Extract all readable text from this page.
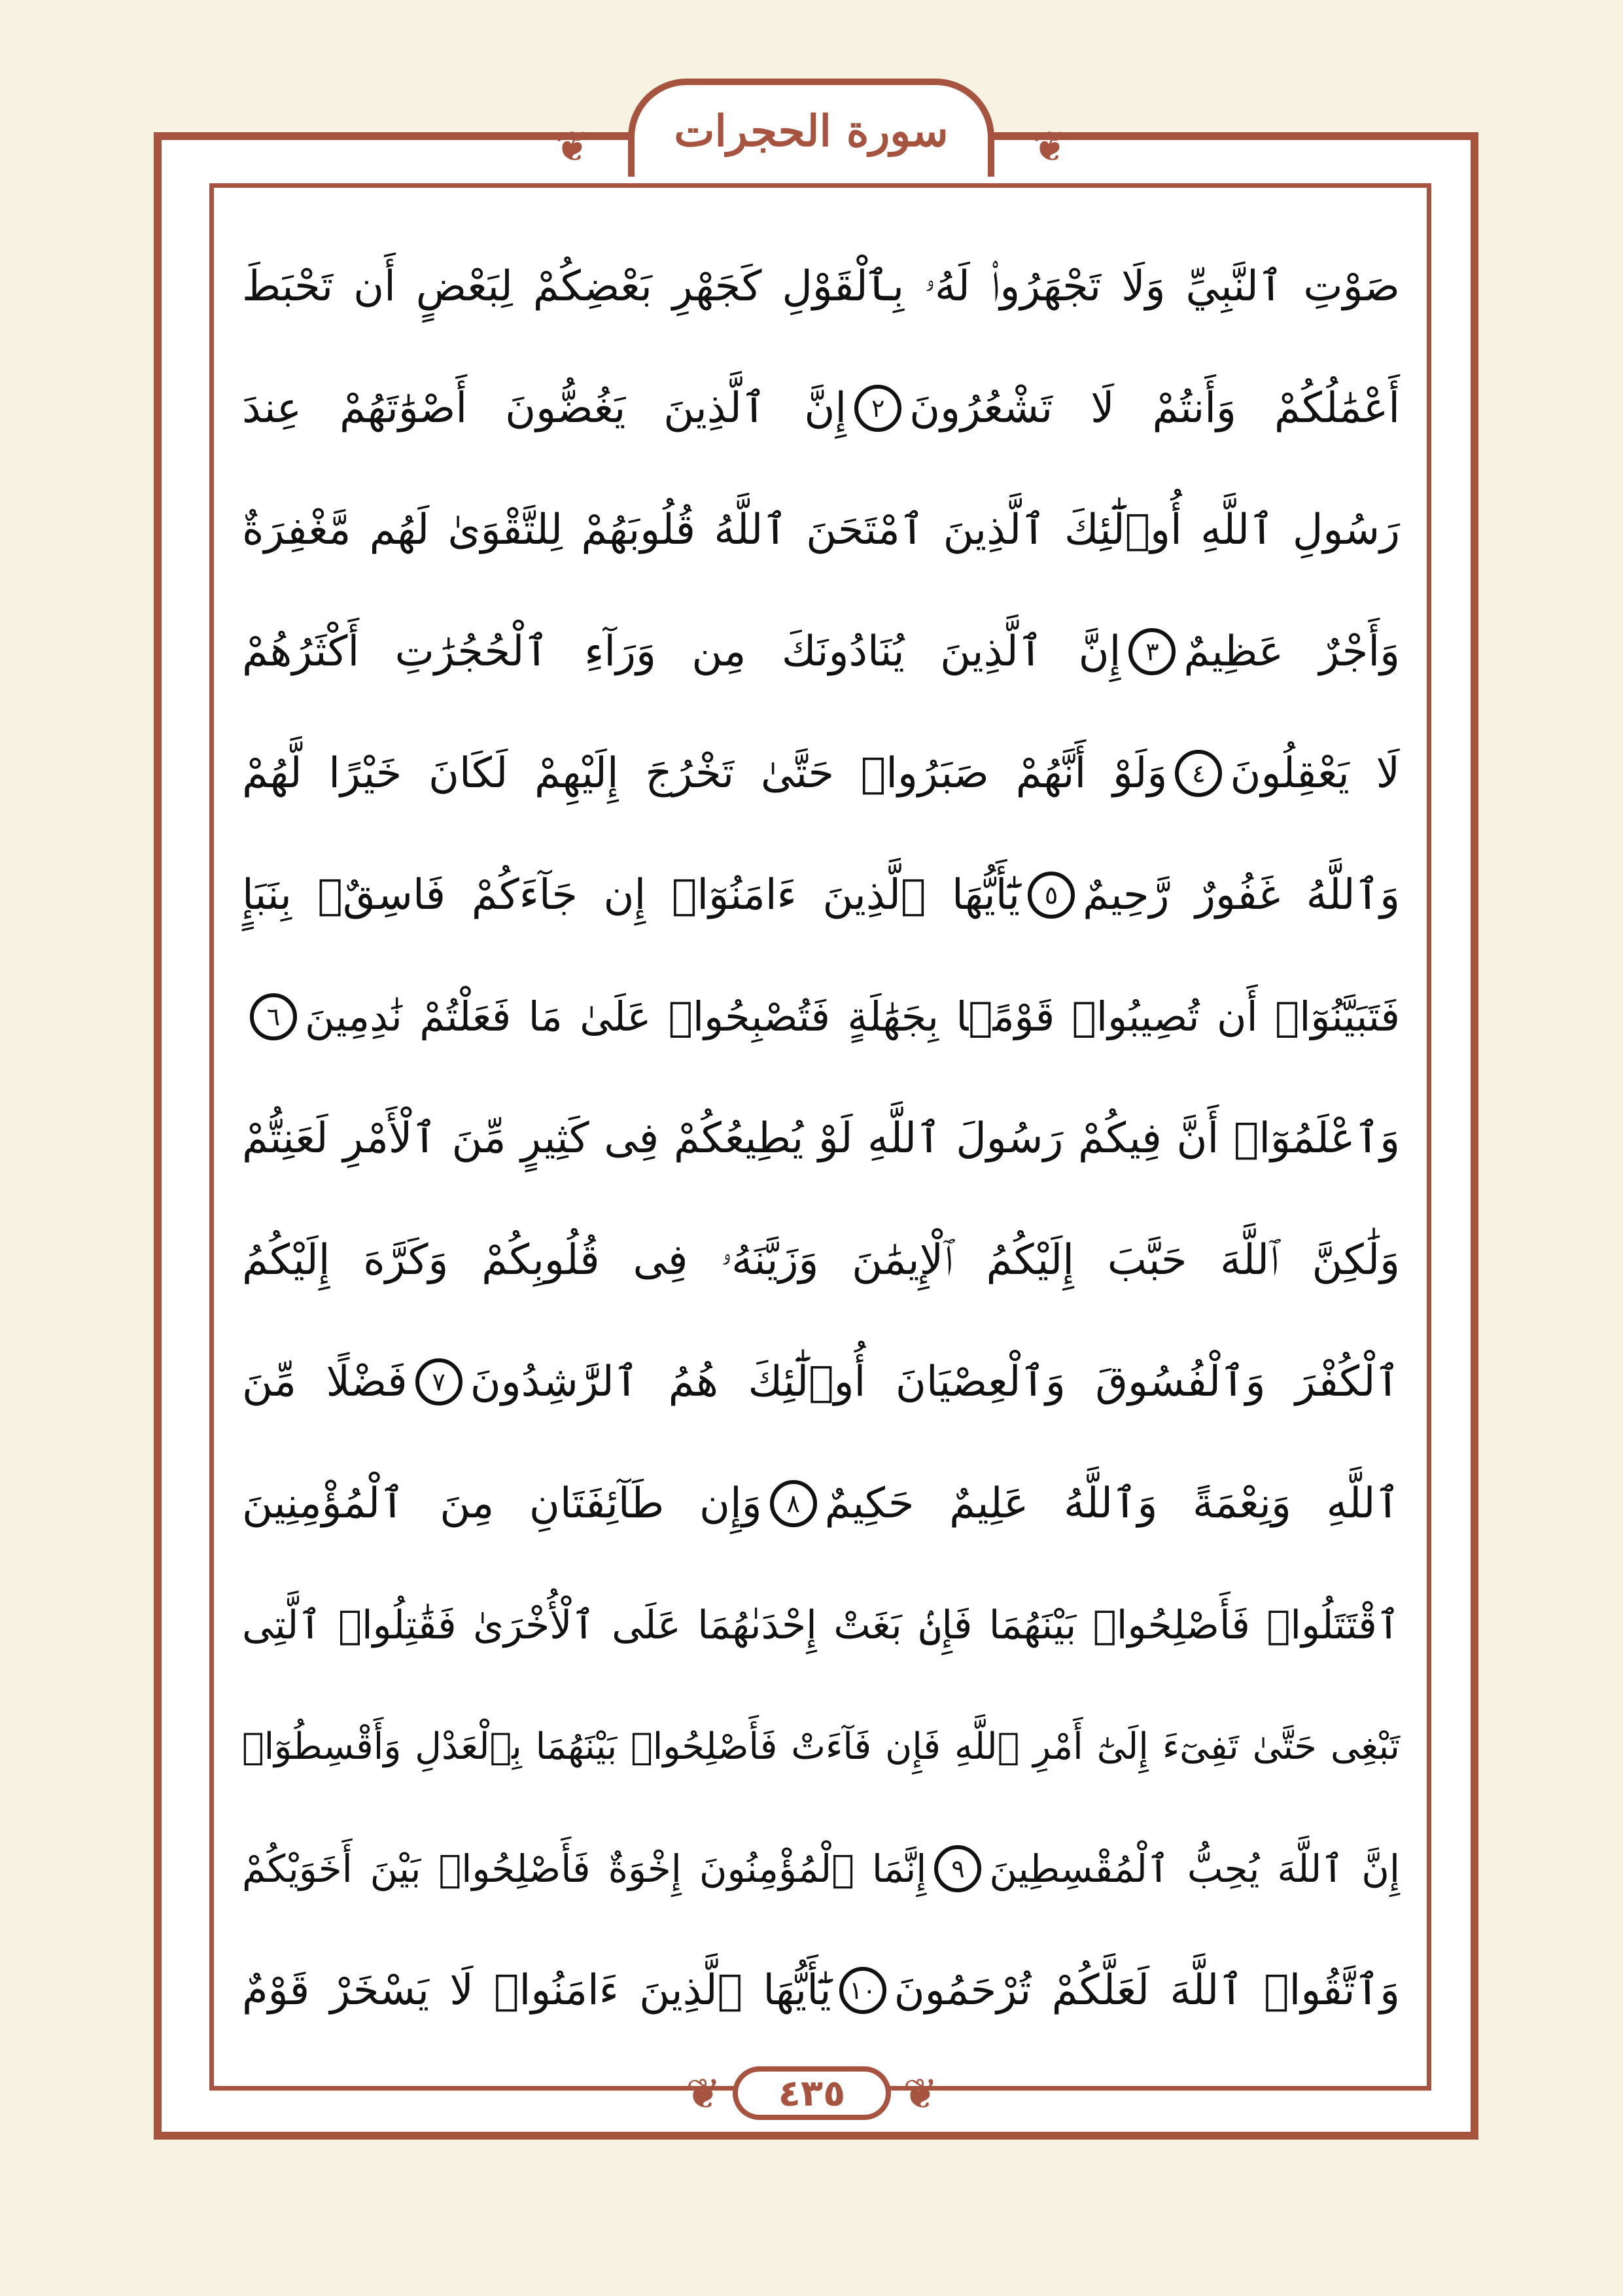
❦	❦
سورة الحجرات
صَوْتِ ٱلنَّبِيِّ وَلَا تَجْهَرُوا۟ لَهُۥ بِٱلْقَوْلِ كَجَهْرِ بَعْضِكُمْ لِبَعْضٍ أَن تَحْبَطَ
أَعْمَٰلُكُمْ وَأَنتُمْ لَا تَشْعُرُونَ
٢
إِنَّ ٱلَّذِينَ يَغُضُّونَ أَصْوَٰتَهُمْ عِندَ
رَسُولِ ٱللَّهِ أُو۟لَٰٓئِكَ ٱلَّذِينَ ٱمْتَحَنَ ٱللَّهُ قُلُوبَهُمْ لِلتَّقْوَىٰ لَهُم مَّغْفِرَةٌ
وَأَجْرٌ عَظِيمٌ
٣
إِنَّ ٱلَّذِينَ يُنَادُونَكَ مِن وَرَآءِ ٱلْحُجُرَٰتِ أَكْثَرُهُمْ
لَا يَعْقِلُونَ
٤
وَلَوْ أَنَّهُمْ صَبَرُوا۟ حَتَّىٰ تَخْرُجَ إِلَيْهِمْ لَكَانَ خَيْرًا لَّهُمْ
وَٱللَّهُ غَفُورٌ رَّحِيمٌ
٥
يَٰٓأَيُّهَا ٱلَّذِينَ ءَامَنُوٓا۟ إِن جَآءَكُمْ فَاسِقٌۢ بِنَبَإٍ
فَتَبَيَّنُوٓا۟ أَن تُصِيبُوا۟ قَوْمًۢا بِجَهَٰلَةٍ فَتُصْبِحُوا۟ عَلَىٰ مَا فَعَلْتُمْ نَٰدِمِينَ
٦
وَٱعْلَمُوٓا۟ أَنَّ فِيكُمْ رَسُولَ ٱللَّهِ لَوْ يُطِيعُكُمْ فِى كَثِيرٍ مِّنَ ٱلْأَمْرِ لَعَنِتُّمْ
وَلَٰكِنَّ ٱللَّهَ حَبَّبَ إِلَيْكُمُ ٱلْإِيمَٰنَ وَزَيَّنَهُۥ فِى قُلُوبِكُمْ وَكَرَّهَ إِلَيْكُمُ
ٱلْكُفْرَ وَٱلْفُسُوقَ وَٱلْعِصْيَانَ أُو۟لَٰٓئِكَ هُمُ ٱلرَّٰشِدُونَ
٧
فَضْلًا مِّنَ
ٱللَّهِ وَنِعْمَةً وَٱللَّهُ عَلِيمٌ حَكِيمٌ
٨
وَإِن طَآئِفَتَانِ مِنَ ٱلْمُؤْمِنِينَ
ٱقْتَتَلُوا۟ فَأَصْلِحُوا۟ بَيْنَهُمَا فَإِنۢ بَغَتْ إِحْدَىٰهُمَا عَلَى ٱلْأُخْرَىٰ فَقَٰتِلُوا۟ ٱلَّتِى
تَبْغِى حَتَّىٰ تَفِىٓءَ إِلَىٰٓ أَمْرِ ٱللَّهِ فَإِن فَآءَتْ فَأَصْلِحُوا۟ بَيْنَهُمَا بِٱلْعَدْلِ وَأَقْسِطُوٓا۟
إِنَّ ٱللَّهَ يُحِبُّ ٱلْمُقْسِطِينَ
٩
إِنَّمَا ٱلْمُؤْمِنُونَ إِخْوَةٌ فَأَصْلِحُوا۟ بَيْنَ أَخَوَيْكُمْ
وَٱتَّقُوا۟ ٱللَّهَ لَعَلَّكُمْ تُرْحَمُونَ
١٠
يَٰٓأَيُّهَا ٱلَّذِينَ ءَامَنُوا۟ لَا يَسْخَرْ قَوْمٌ
❦	❦
٤٣٥
